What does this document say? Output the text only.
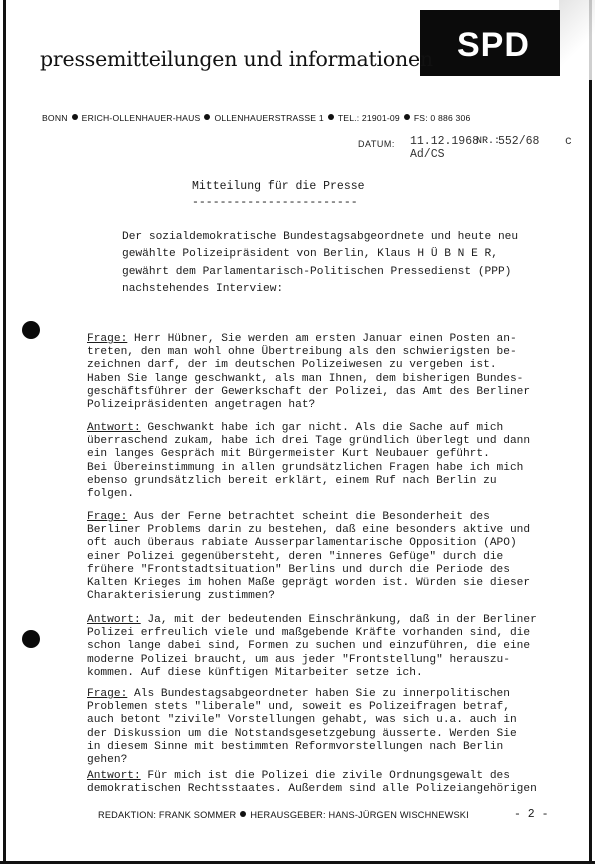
SPD
pressemitteilungen und informationen
BONN ERICH-OLLENHAUER-HAUS OLLENHAUERSTRASSE 1 TEL.: 21901-09 FS: 0 886 306
DATUM: 11.12.1968
NR.:
552/68 c
Ad/CS
Mitteilung für die Presse
------------------------
Der sozialdemokratische Bundestagsabgeordnete und heute neu
gewählte Polizeipräsident von Berlin, Klaus H Ü B N E R,
gewährt dem Parlamentarisch-Politischen Pressedienst (PPP)
nachstehendes Interview:
Frage: Herr Hübner, Sie werden am ersten Januar einen Posten an-
treten, den man wohl ohne Übertreibung als den schwierigsten be-
zeichnen darf, der im deutschen Polizeiwesen zu vergeben ist.
Haben Sie lange geschwankt, als man Ihnen, dem bisherigen Bundes-
geschäftsführer der Gewerkschaft der Polizei, das Amt des Berliner
Polizeipräsidenten angetragen hat?
Antwort: Geschwankt habe ich gar nicht. Als die Sache auf mich
überraschend zukam, habe ich drei Tage gründlich überlegt und dann
ein langes Gespräch mit Bürgermeister Kurt Neubauer geführt.
Bei Übereinstimmung in allen grundsätzlichen Fragen habe ich mich
ebenso grundsätzlich bereit erklärt, einem Ruf nach Berlin zu
folgen.
Frage: Aus der Ferne betrachtet scheint die Besonderheit des
Berliner Problems darin zu bestehen, daß eine besonders aktive und
oft auch überaus rabiate Ausserparlamentarische Opposition (APO)
einer Polizei gegenübersteht, deren "inneres Gefüge" durch die
frühere "Frontstadtsituation" Berlins und durch die Periode des
Kalten Krieges im hohen Maße geprägt worden ist. Würden sie dieser
Charakterisierung zustimmen?
Antwort: Ja, mit der bedeutenden Einschränkung, daß in der Berliner
Polizei erfreulich viele und maßgebende Kräfte vorhanden sind, die
schon lange dabei sind, Formen zu suchen und einzuführen, die eine
moderne Polizei braucht, um aus jeder "Frontstellung" herauszu-
kommen. Auf diese künftigen Mitarbeiter setze ich.
Frage: Als Bundestagsabgeordneter haben Sie zu innerpolitischen
Problemen stets "liberale" und, soweit es Polizeifragen betraf,
auch betont "zivile" Vorstellungen gehabt, was sich u.a. auch in
der Diskussion um die Notstandsgesetzgebung äusserte. Werden Sie
in diesem Sinne mit bestimmten Reformvorstellungen nach Berlin
gehen?
Antwort: Für mich ist die Polizei die zivile Ordnungsgewalt des
demokratischen Rechtsstaates. Außerdem sind alle Polizeiangehörigen
REDAKTION: FRANK SOMMER HERAUSGEBER: HANS-JÜRGEN WISCHNEWSKI	- 2 -
